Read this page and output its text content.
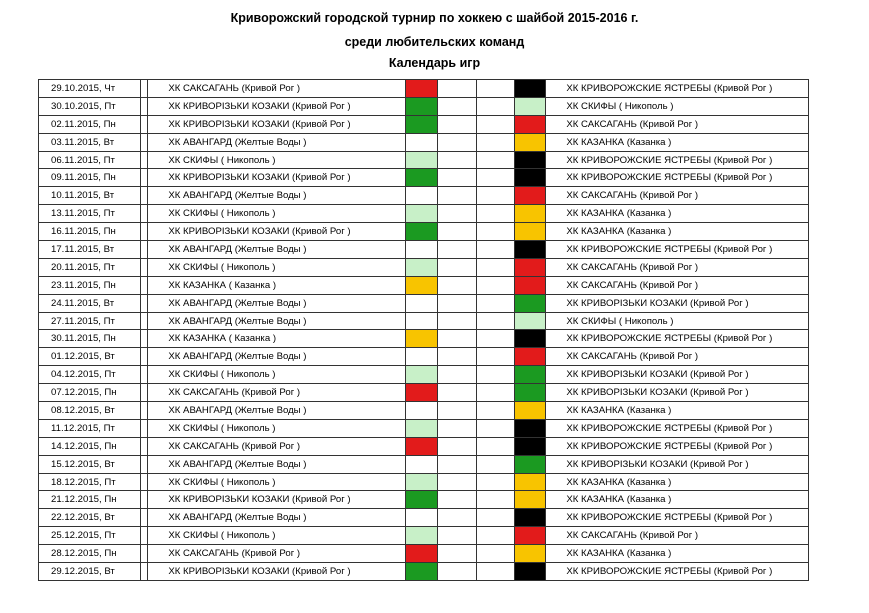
Криворожский городской турнир по хоккею с шайбой 2015-2016 г.
среди любительских команд
Календарь игр
29.10.2015, Чт		ХК САКСАГАНЬ (Кривой Рог )					ХК КРИВОРОЖСКИЕ ЯСТРЕБЫ (Кривой Рог )
30.10.2015, Пт		ХК КРИВОРІЗЬКИ КОЗАКИ (Кривой Рог )					ХК СКИФЫ ( Никополь )
02.11.2015, Пн		ХК КРИВОРІЗЬКИ КОЗАКИ (Кривой Рог )					ХК САКСАГАНЬ (Кривой Рог )
03.11.2015, Вт		ХК АВАНГАРД (Желтые Воды )					ХК КАЗАНКА (Казанка )
06.11.2015, Пт		ХК СКИФЫ ( Никополь )					ХК КРИВОРОЖСКИЕ ЯСТРЕБЫ (Кривой Рог )
09.11.2015, Пн		ХК КРИВОРІЗЬКИ КОЗАКИ (Кривой Рог )					ХК КРИВОРОЖСКИЕ ЯСТРЕБЫ (Кривой Рог )
10.11.2015, Вт		ХК АВАНГАРД (Желтые Воды )					ХК САКСАГАНЬ (Кривой Рог )
13.11.2015, Пт		ХК СКИФЫ ( Никополь )					ХК КАЗАНКА (Казанка )
16.11.2015, Пн		ХК КРИВОРІЗЬКИ КОЗАКИ (Кривой Рог )					ХК КАЗАНКА (Казанка )
17.11.2015, Вт		ХК АВАНГАРД (Желтые Воды )					ХК КРИВОРОЖСКИЕ ЯСТРЕБЫ (Кривой Рог )
20.11.2015, Пт		ХК СКИФЫ ( Никополь )					ХК САКСАГАНЬ (Кривой Рог )
23.11.2015, Пн		ХК КАЗАНКА ( Казанка )					ХК САКСАГАНЬ (Кривой Рог )
24.11.2015, Вт		ХК АВАНГАРД (Желтые Воды )					ХК КРИВОРІЗЬКИ КОЗАКИ (Кривой Рог )
27.11.2015, Пт		ХК АВАНГАРД (Желтые Воды )					ХК СКИФЫ ( Никополь )
30.11.2015, Пн		ХК КАЗАНКА ( Казанка )					ХК КРИВОРОЖСКИЕ ЯСТРЕБЫ (Кривой Рог )
01.12.2015, Вт		ХК АВАНГАРД (Желтые Воды )					ХК САКСАГАНЬ (Кривой Рог )
04.12.2015, Пт		ХК СКИФЫ ( Никополь )					ХК КРИВОРІЗЬКИ КОЗАКИ (Кривой Рог )
07.12.2015, Пн		ХК САКСАГАНЬ (Кривой Рог )					ХК КРИВОРІЗЬКИ КОЗАКИ (Кривой Рог )
08.12.2015, Вт		ХК АВАНГАРД (Желтые Воды )					ХК КАЗАНКА (Казанка )
11.12.2015, Пт		ХК СКИФЫ ( Никополь )					ХК КРИВОРОЖСКИЕ ЯСТРЕБЫ (Кривой Рог )
14.12.2015, Пн		ХК САКСАГАНЬ (Кривой Рог )					ХК КРИВОРОЖСКИЕ ЯСТРЕБЫ (Кривой Рог )
15.12.2015, Вт		ХК АВАНГАРД (Желтые Воды )					ХК КРИВОРІЗЬКИ КОЗАКИ (Кривой Рог )
18.12.2015, Пт		ХК СКИФЫ ( Никополь )					ХК КАЗАНКА (Казанка )
21.12.2015, Пн		ХК КРИВОРІЗЬКИ КОЗАКИ (Кривой Рог )					ХК КАЗАНКА (Казанка )
22.12.2015, Вт		ХК АВАНГАРД (Желтые Воды )					ХК КРИВОРОЖСКИЕ ЯСТРЕБЫ (Кривой Рог )
25.12.2015, Пт		ХК СКИФЫ ( Никополь )					ХК САКСАГАНЬ (Кривой Рог )
28.12.2015, Пн		ХК САКСАГАНЬ (Кривой Рог )					ХК КАЗАНКА (Казанка )
29.12.2015, Вт		ХК КРИВОРІЗЬКИ КОЗАКИ (Кривой Рог )					ХК КРИВОРОЖСКИЕ ЯСТРЕБЫ (Кривой Рог )
